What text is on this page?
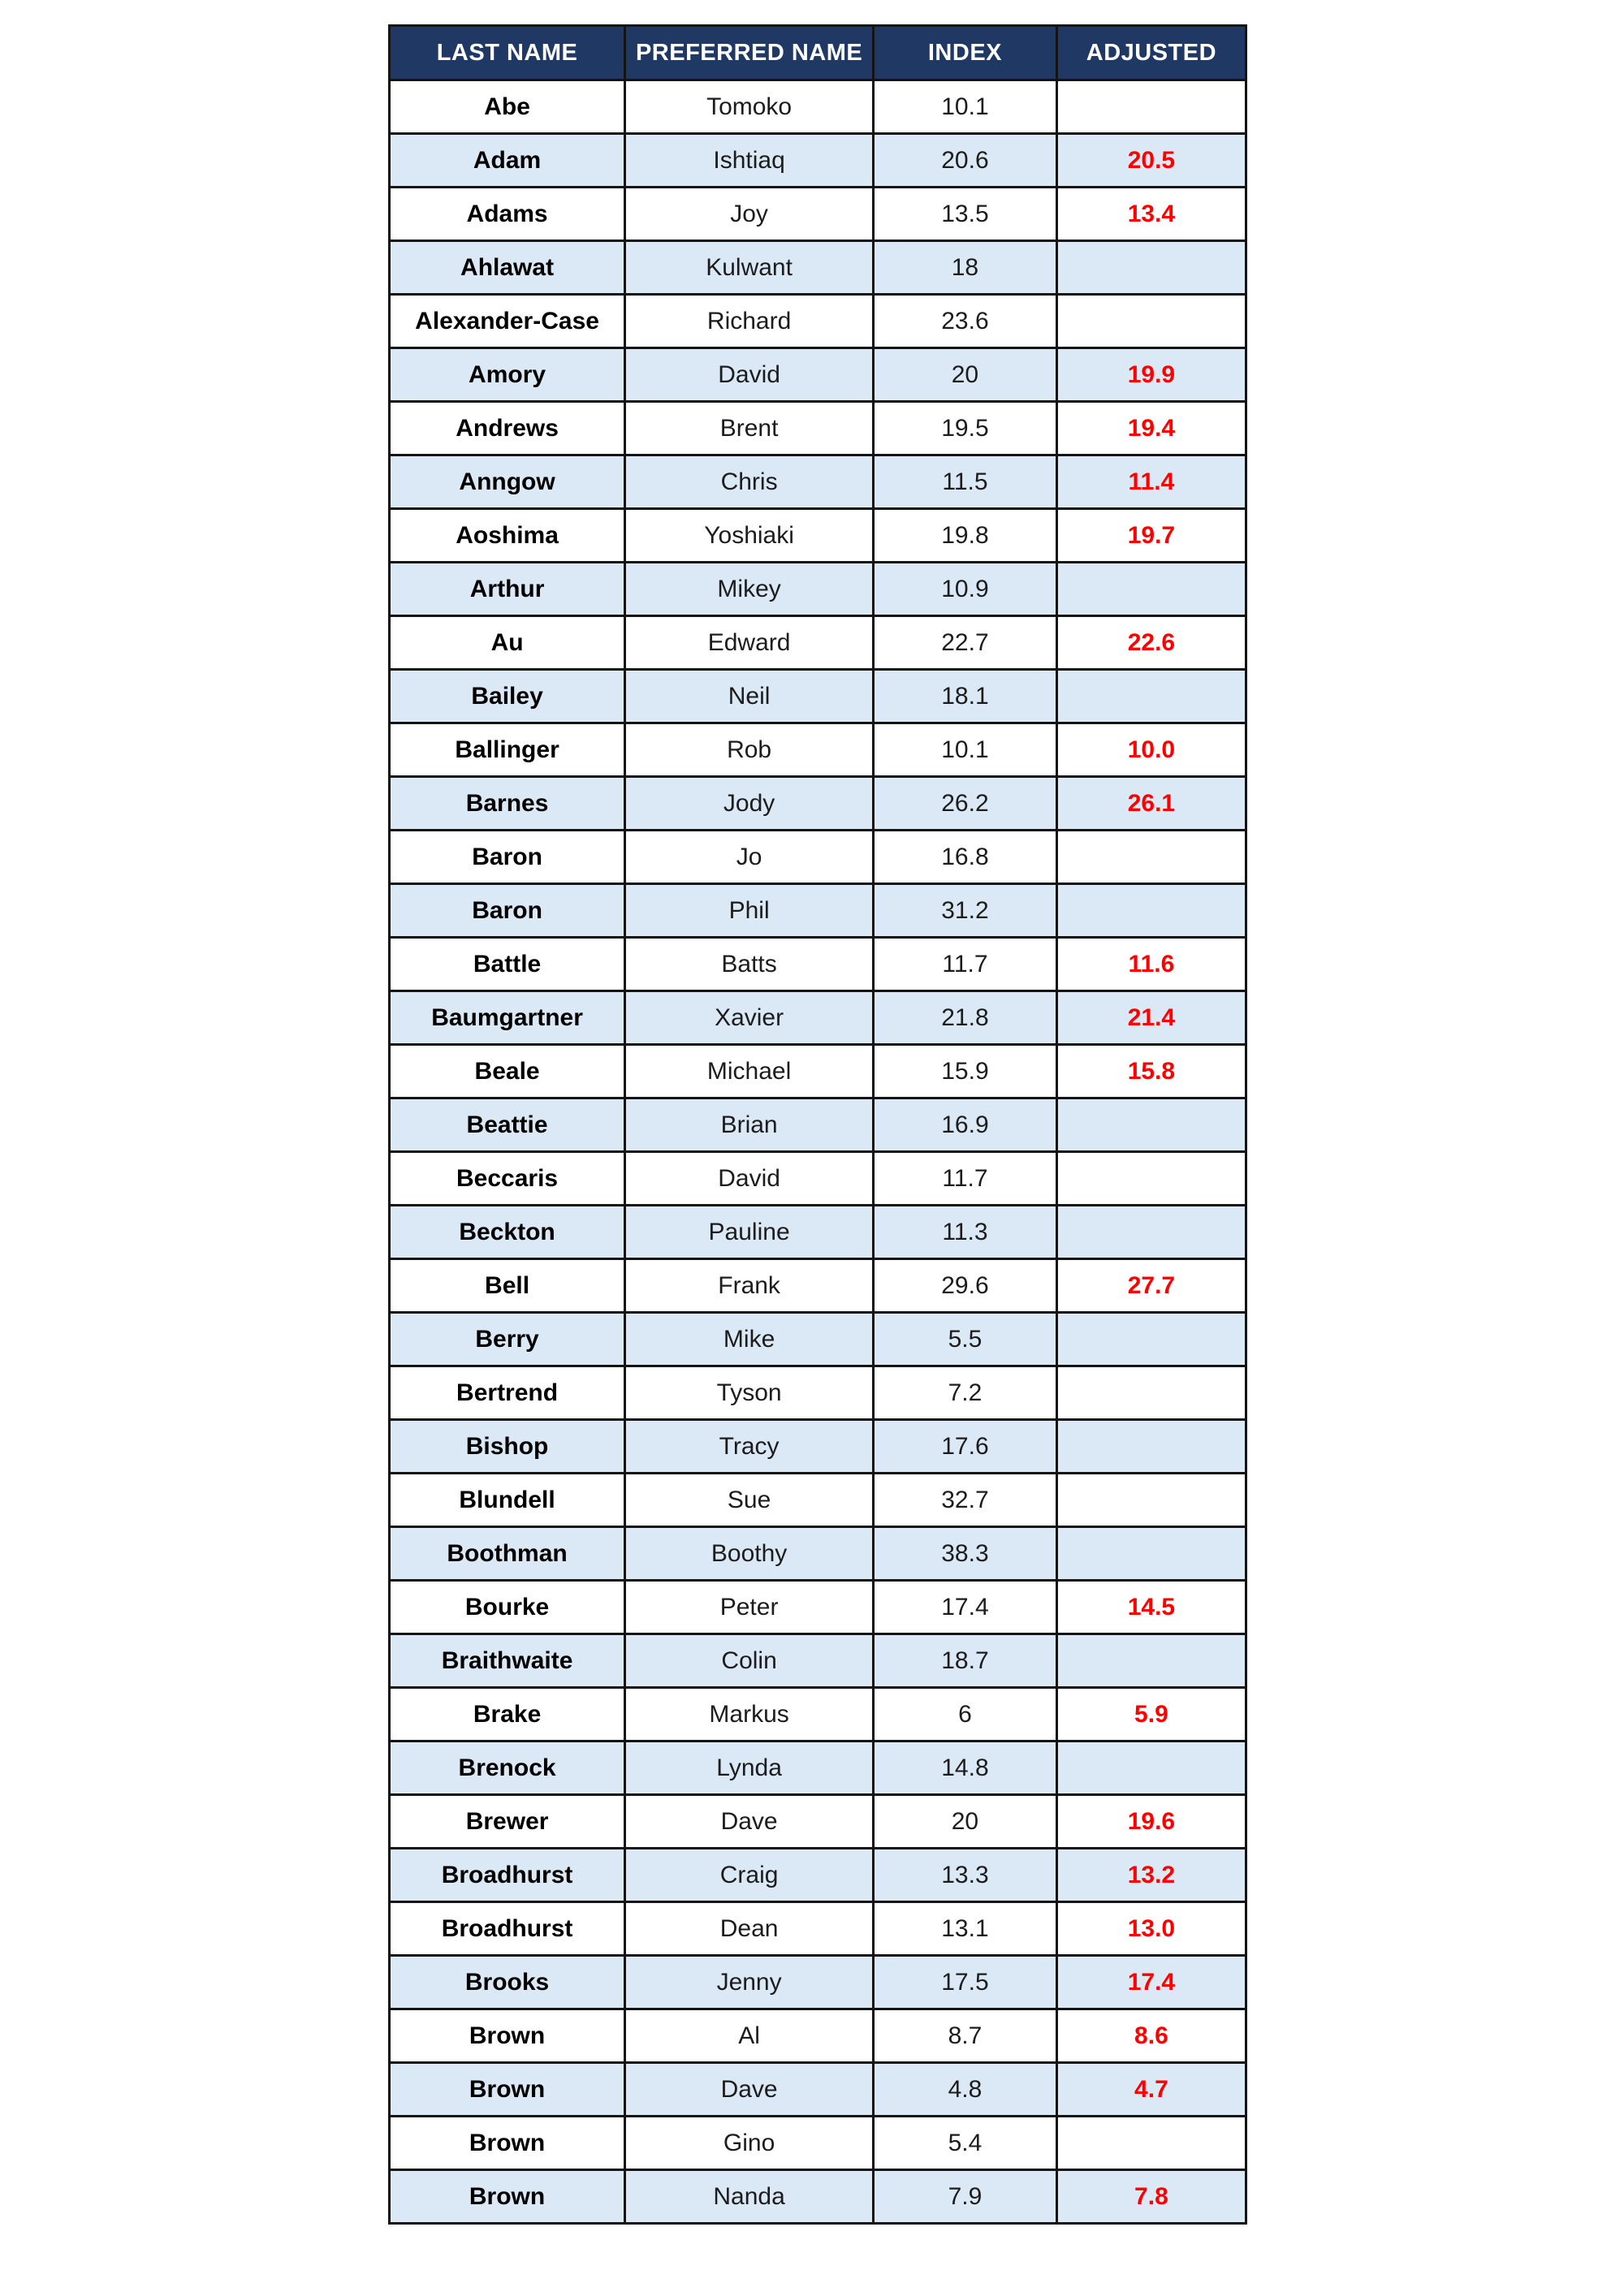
LAST NAME	PREFERRED NAME	INDEX	ADJUSTED
Abe	Tomoko	10.1	
Adam	Ishtiaq	20.6	20.5
Adams	Joy	13.5	13.4
Ahlawat	Kulwant	18	
Alexander-Case	Richard	23.6	
Amory	David	20	19.9
Andrews	Brent	19.5	19.4
Anngow	Chris	11.5	11.4
Aoshima	Yoshiaki	19.8	19.7
Arthur	Mikey	10.9	
Au	Edward	22.7	22.6
Bailey	Neil	18.1	
Ballinger	Rob	10.1	10.0
Barnes	Jody	26.2	26.1
Baron	Jo	16.8	
Baron	Phil	31.2	
Battle	Batts	11.7	11.6
Baumgartner	Xavier	21.8	21.4
Beale	Michael	15.9	15.8
Beattie	Brian	16.9	
Beccaris	David	11.7	
Beckton	Pauline	11.3	
Bell	Frank	29.6	27.7
Berry	Mike	5.5	
Bertrend	Tyson	7.2	
Bishop	Tracy	17.6	
Blundell	Sue	32.7	
Boothman	Boothy	38.3	
Bourke	Peter	17.4	14.5
Braithwaite	Colin	18.7	
Brake	Markus	6	5.9
Brenock	Lynda	14.8	
Brewer	Dave	20	19.6
Broadhurst	Craig	13.3	13.2
Broadhurst	Dean	13.1	13.0
Brooks	Jenny	17.5	17.4
Brown	Al	8.7	8.6
Brown	Dave	4.8	4.7
Brown	Gino	5.4	
Brown	Nanda	7.9	7.8
